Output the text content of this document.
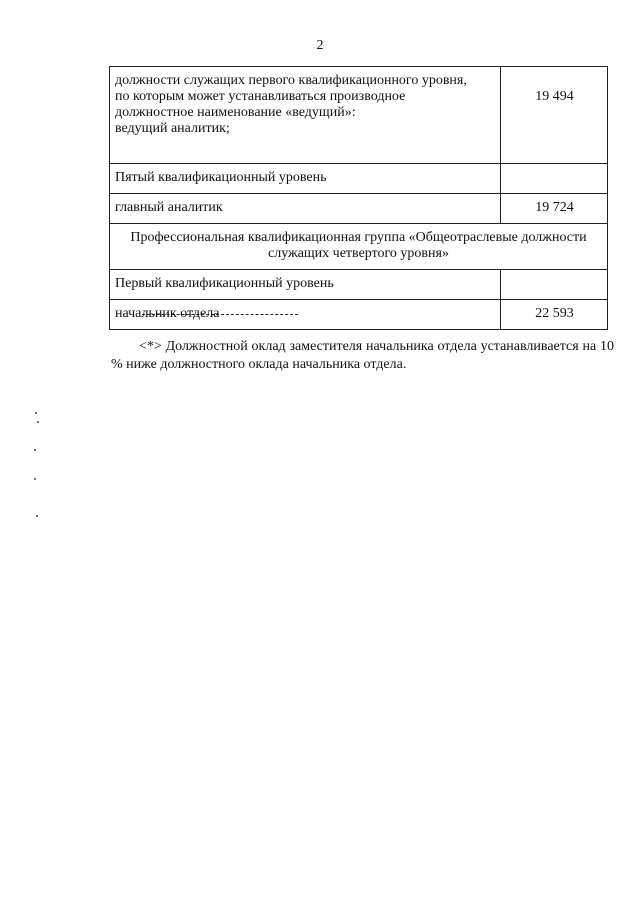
2
должности служащих первого квалификационного уровня,
по которым может устанавливаться производное
должностное наименование «ведущий»:
ведущий аналитик;	19 494
Пятый квалификационный уровень	
главный аналитик	19 724

Профессиональная квалификационная группа «Общеотраслевые должности
служащих четвертого уровня»	

Первый квалификационный уровень	
начальник отдела	22 593
<*> Должностной оклад заместителя начальника отдела устанавливается на 10 % ниже должностного оклада начальника отдела.
